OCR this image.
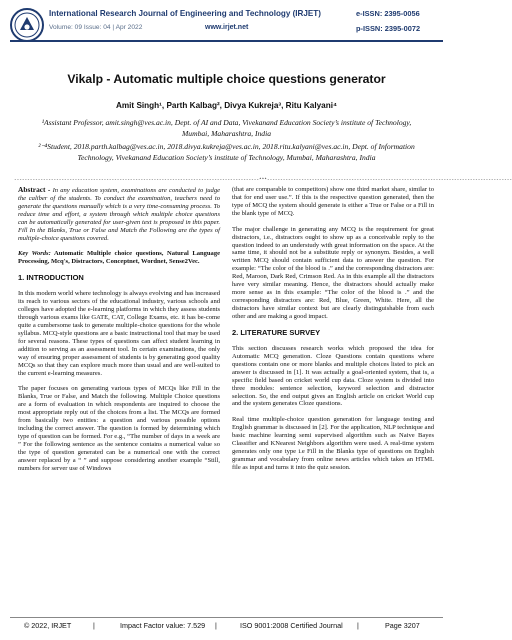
International Research Journal of Engineering and Technology (IRJET)	e-ISSN: 2395-0056
Volume: 09 Issue: 04 | Apr 2022	www.irjet.net	p-ISSN: 2395-0072
Vikalp - Automatic multiple choice questions generator
Amit Singh¹, Parth Kalbag², Divya Kukreja³, Ritu Kalyani⁴
¹Assistant Professor, amit.singh@ves.ac.in, Dept. of AI and Data, Vivekanand Education Society’s institute of Technology, Mumbai, Maharashtra, India
²⁻⁴Student, 2018.parth.kalbag@ves.ac.in, 2018.divya.kukreja@ves.ac.in, 2018.ritu.kalyani@ves.ac.in, Dept. of Information Technology, Vivekanand Education Society’s institute of Technology, Mumbai, Maharashtra, India
---------------------------------------------------------------------------------------------***---------------------------------------------------------------------------------------------

Abstract - In any education system, examinations are conducted to judge the caliber of the students. To conduct the examination, teachers need to generate the questions manually which is a very time-consuming process. To reduce time and effort, a system through which multiple choice questions can be automatically generated for user-given text is proposed in this paper. Fill In the Blanks, True or False and Match the Following are the types of multiple-choice questions covered.

Key Words: Automatic Multiple choice questions, Natural Language Processing, Mcq's, Distractors, Conceptnet, Wordnet, Sense2Vec.

1. INTRODUCTION

In this modern world where technology is always evolving and has increased its reach to various sectors of the educational industry, various schools and colleges have adopted the e-learning platforms in which they assess students through various exams like GATE, CAT, College Exams, etc. it has be-come quite a cumbersome task to generate multiple-choice questions for the whole syllabus. MCQ-style questions are a basic instructional tool that may be used for several reasons. These types of questions can affect student learning in addition to serving as an assessment tool. In certain examinations, the only way of ensuring proper assessment of students is by generating good quality MCQs so that they can explore much more than usual and are well-suited to the current e-learning measures.

The paper focuses on generating various types of MCQs like Fill in the Blanks, True or False, and Match the following. Multiple Choice questions are a form of evaluation in which respondents are inquired to choose the most appropriate reply out of the choices from a list. The MCQs are formed from basically two entities: a question and various possible options including the correct answer. The question is formed by determining which type of question can be formed. For e.g., “The number of days in a week are ” For the following sentence as the sentence contains a numerical value so the type of question generated can be a numerical one with the correct answer replaced by a “ ” and suppose considering another example “Still, numbers for server use of Windows

(that are comparable to competitors) show one third market share, similar to that for end user use.”. If this is the respective question generated, then the type of MCQ the system should generate is either a True or False or a Fill in the blank type of MCQ.

The major challenge in generating any MCQ is the requirement for great distractors, i.e., distractors ought to show up as a conceivable reply to the question indeed to an understudy with great information on the space. At the same time, it should not be a substitute reply or synonym. Besides, a well written MCQ should contain sufficient data to answer the question. For example: “The color of the blood is .” and the corresponding distractors are: Red, Maroon, Dark Red, Crimson Red. As in this example all the distractors have very similar meaning. Hence, the distractors should actually make more sense as in this example: “The color of the blood is .” and the corresponding distractors are: Red, Blue, Green, White. Here, all the distractors have similar context but are clearly distinguishable from each other and are making a good impact.

2. LITERATURE SURVEY

This section discusses research works which proposed the idea for Automatic MCQ generation. Cloze Questions contain questions where questions contain one or more blanks and multiple choices listed to pick an answer is discussed in [1]. It was actually a goal-oriented system, that is, a specific field based on cricket world cup data. Cloze system is divided into three modules: sentence selection, keyword selection and distractor selection. So, the end output gives an English article on cricket World cup and the system generates Cloze questions.

Real time multiple-choice question generation for language testing and English grammar is discussed in [2]. For the application, NLP technique and basic machine learning semi supervised algorithm such as Naive Bayes Classifier and KNearest Neighbors algorithm were used. A real-time system generates only one type i.e Fill in the Blanks type of questions on English grammar and vocabulary from online news articles which takes an HTML file as input and turns it into the quiz session.

© 2022, IRJET	|	Impact Factor value: 7.529 |	ISO 9001:2008 Certified Journal |	Page 3207
